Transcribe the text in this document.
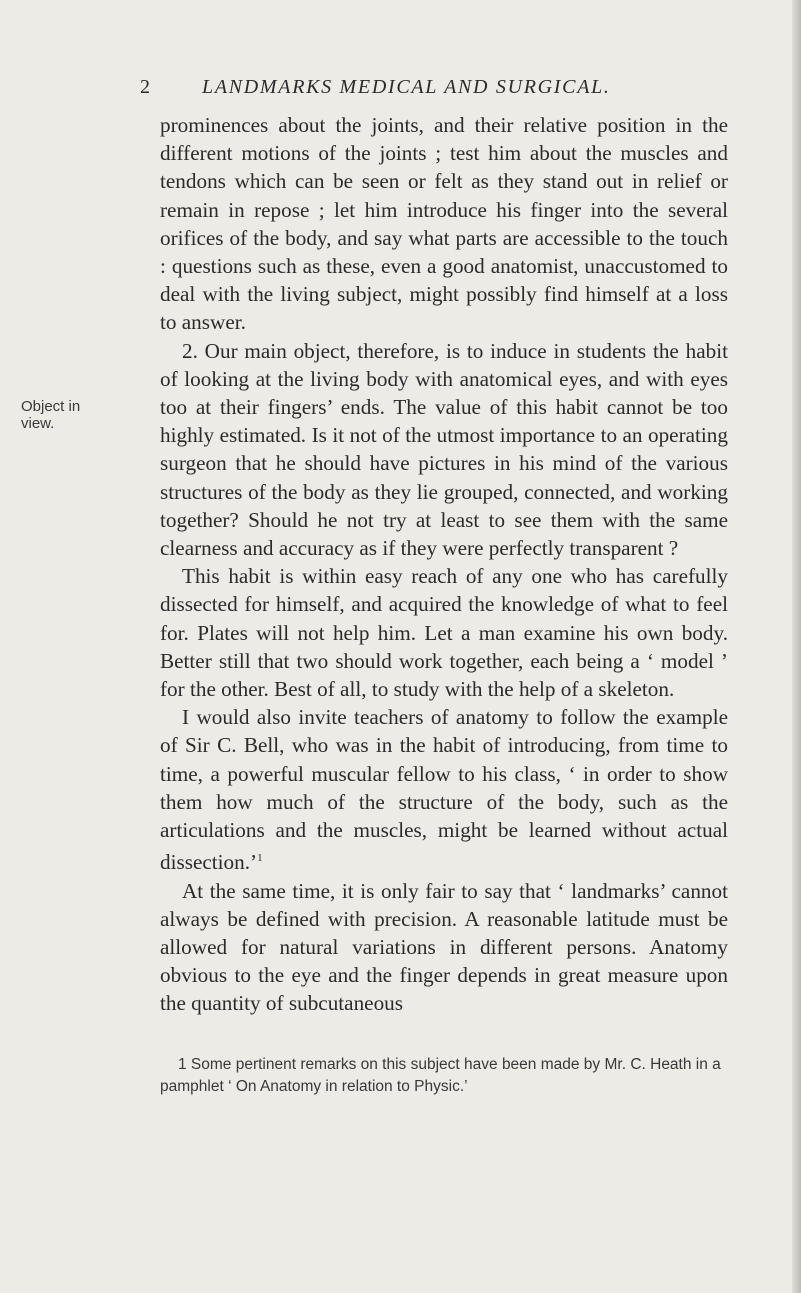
2	LANDMARKS MEDICAL AND SURGICAL.
Object in view.

prominences about the joints, and their relative position in the different motions of the joints ; test him about the muscles and tendons which can be seen or felt as they stand out in relief or remain in repose ; let him introduce his finger into the several orifices of the body, and say what parts are accessible to the touch : questions such as these, even a good anatomist, unaccustomed to deal with the living subject, might possibly find himself at a loss to answer.

2. Our main object, therefore, is to induce in students the habit of looking at the living body with anatomical eyes, and with eyes too at their fingers’ ends. The value of this habit cannot be too highly estimated. Is it not of the utmost importance to an operating surgeon that he should have pictures in his mind of the various structures of the body as they lie grouped, connected, and working together? Should he not try at least to see them with the same clearness and accuracy as if they were perfectly transparent ?

This habit is within easy reach of any one who has carefully dissected for himself, and acquired the knowledge of what to feel for. Plates will not help him. Let a man examine his own body. Better still that two should work together, each being a ‘ model ’ for the other. Best of all, to study with the help of a skeleton.

I would also invite teachers of anatomy to follow the example of Sir C. Bell, who was in the habit of introducing, from time to time, a powerful muscular fellow to his class, ‘ in order to show them how much of the structure of the body, such as the articulations and the muscles, might be learned without actual dissection.’$^1$

At the same time, it is only fair to say that ‘ landmarks’ cannot always be defined with precision. A reasonable latitude must be allowed for natural variations in different persons. Anatomy obvious to the eye and the finger depends in great measure upon the quantity of subcutaneous

1 Some pertinent remarks on this subject have been made by Mr. C. Heath in a pamphlet ‘ On Anatomy in relation to Physic.’
